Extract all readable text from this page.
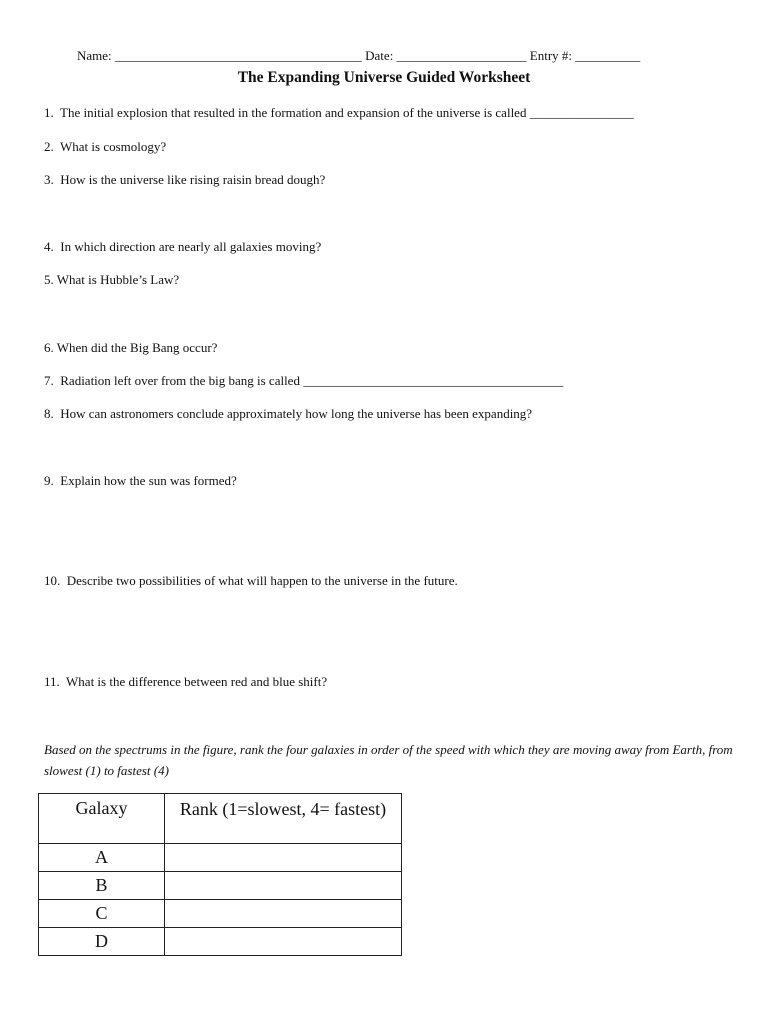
Name: ______________________________________ Date: ____________________ Entry #: __________
The Expanding Universe Guided Worksheet
1.  The initial explosion that resulted in the formation and expansion of the universe is called ________________
2.  What is cosmology?
3.  How is the universe like rising raisin bread dough?
4.  In which direction are nearly all galaxies moving?
5. What is Hubble’s Law?
6. When did the Big Bang occur?
7.  Radiation left over from the big bang is called ________________________________________
8.  How can astronomers conclude approximately how long the universe has been expanding?
9.  Explain how the sun was formed?
10.  Describe two possibilities of what will happen to the universe in the future.
11.  What is the difference between red and blue shift?
Based on the spectrums in the figure, rank the four galaxies in order of the speed with which they are moving away from Earth, from slowest (1) to fastest (4)
Galaxy	Rank (1=slowest, 4= fastest)
A	
B	
C	
D	
